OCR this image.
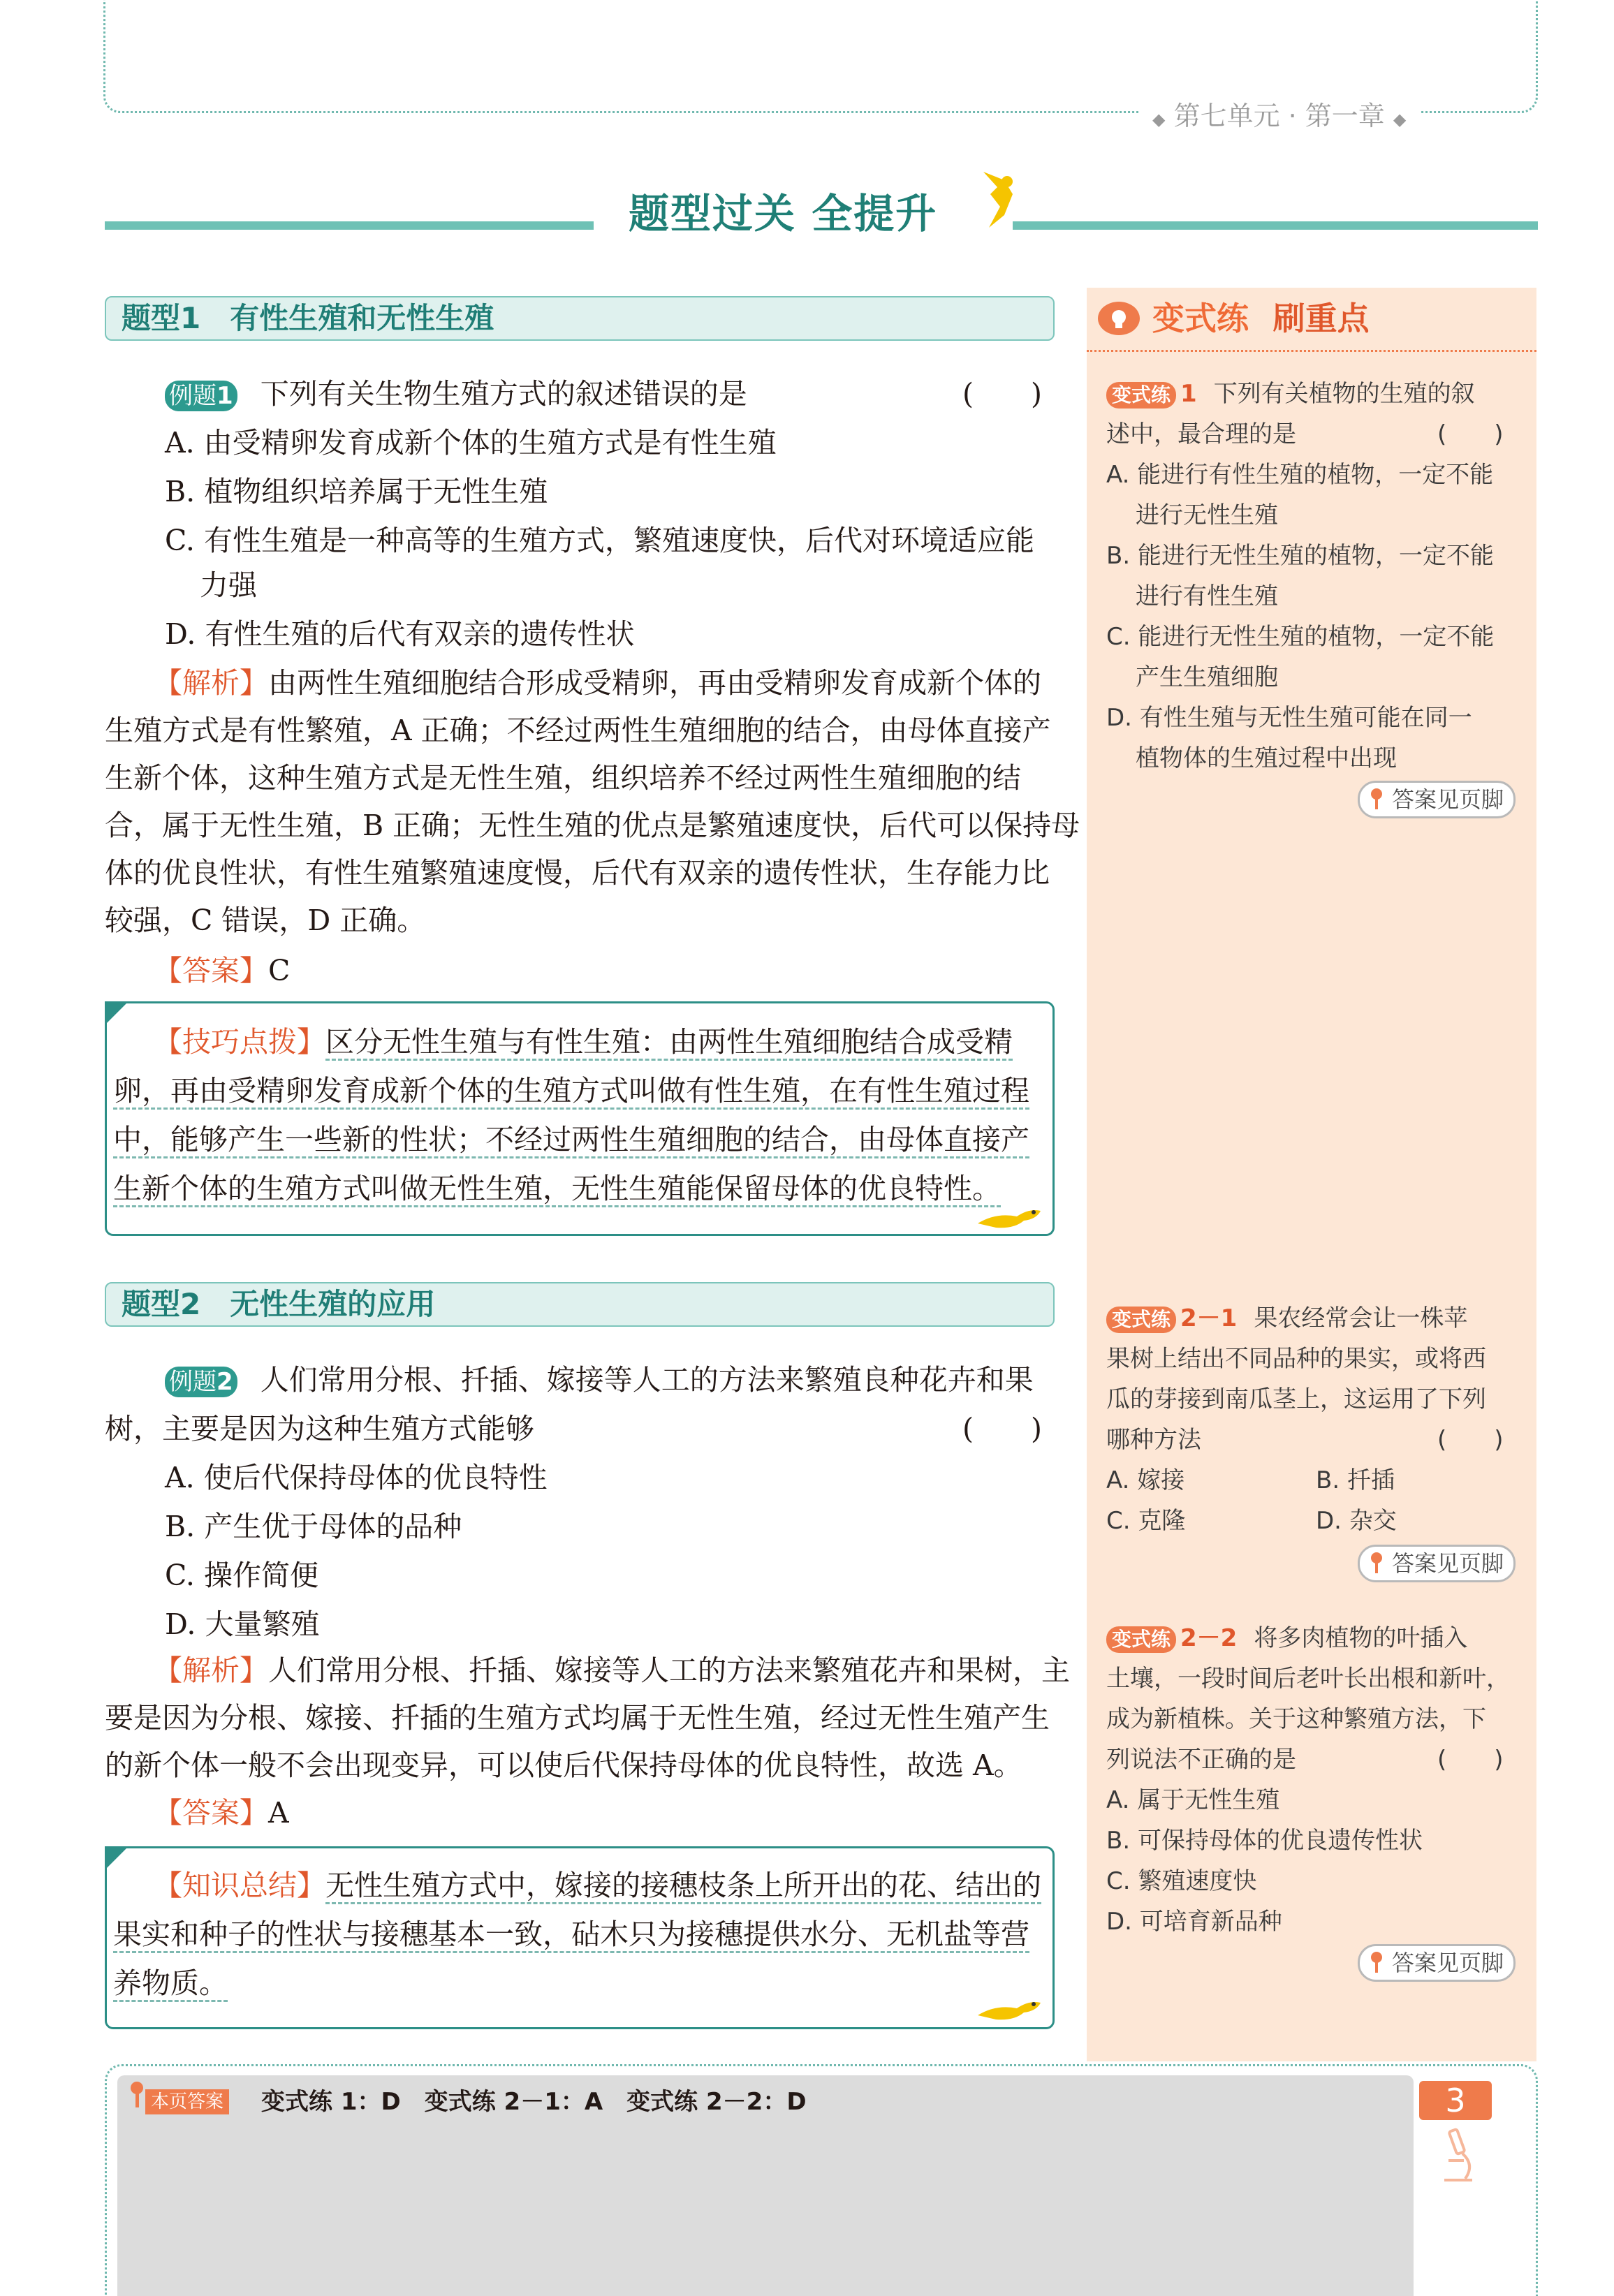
◆ 第七单元 · 第一章 ◆
题型过关 全提升
题型1　有性生殖和无性生殖
例题1 下列有关生物生殖方式的叙述错误的是	(　　)
A. 由受精卵发育成新个体的生殖方式是有性生殖
B. 植物组织培养属于无性生殖
C. 有性生殖是一种高等的生殖方式，繁殖速度快，后代对环境适应能
力强
D. 有性生殖的后代有双亲的遗传性状
【解析】由两性生殖细胞结合形成受精卵，再由受精卵发育成新个体的
生殖方式是有性繁殖，A 正确；不经过两性生殖细胞的结合，由母体直接产
生新个体，这种生殖方式是无性生殖，组织培养不经过两性生殖细胞的结
合，属于无性生殖，B 正确；无性生殖的优点是繁殖速度快，后代可以保持母
体的优良性状，有性生殖繁殖速度慢，后代有双亲的遗传性状，生存能力比
较强，C 错误，D 正确。
【答案】C
【技巧点拨】区分无性生殖与有性生殖：由两性生殖细胞结合成受精
卵，再由受精卵发育成新个体的生殖方式叫做有性生殖，在有性生殖过程
中，能够产生一些新的性状；不经过两性生殖细胞的结合，由母体直接产
生新个体的生殖方式叫做无性生殖，无性生殖能保留母体的优良特性。
题型2　无性生殖的应用
例题2 人们常用分根、扦插、嫁接等人工的方法来繁殖良种花卉和果
树，主要是因为这种生殖方式能够	(　　)
A. 使后代保持母体的优良特性
B. 产生优于母体的品种
C. 操作简便
D. 大量繁殖
【解析】人们常用分根、扦插、嫁接等人工的方法来繁殖花卉和果树，主
要是因为分根、嫁接、扦插的生殖方式均属于无性生殖，经过无性生殖产生
的新个体一般不会出现变异，可以使后代保持母体的优良特性，故选 A。
【答案】A
【知识总结】无性生殖方式中，嫁接的接穗枝条上所开出的花、结出的
果实和种子的性状与接穗基本一致，砧木只为接穗提供水分、无机盐等营
养物质。
变式练 刷重点
变式练 1 下列有关植物的生殖的叙
述中，最合理的是	(　　)
A. 能进行有性生殖的植物，一定不能
进行无性生殖
B. 能进行无性生殖的植物，一定不能
进行有性生殖
C. 能进行无性生殖的植物，一定不能
产生生殖细胞
D. 有性生殖与无性生殖可能在同一
植物体的生殖过程中出现
答案见页脚
变式练 2－1 果农经常会让一株苹
果树上结出不同品种的果实，或将西
瓜的芽接到南瓜茎上，这运用了下列
哪种方法	(　　)
A. 嫁接	B. 扦插
C. 克隆	D. 杂交
答案见页脚
变式练 2－2 将多肉植物的叶插入
土壤，一段时间后老叶长出根和新叶，
成为新植株。关于这种繁殖方法，下
列说法不正确的是	(　　)
A. 属于无性生殖
B. 可保持母体的优良遗传性状
C. 繁殖速度快
D. 可培育新品种
答案见页脚
本页答案 变式练 1：D　变式练 2－1：A　变式练 2－2：D	3
